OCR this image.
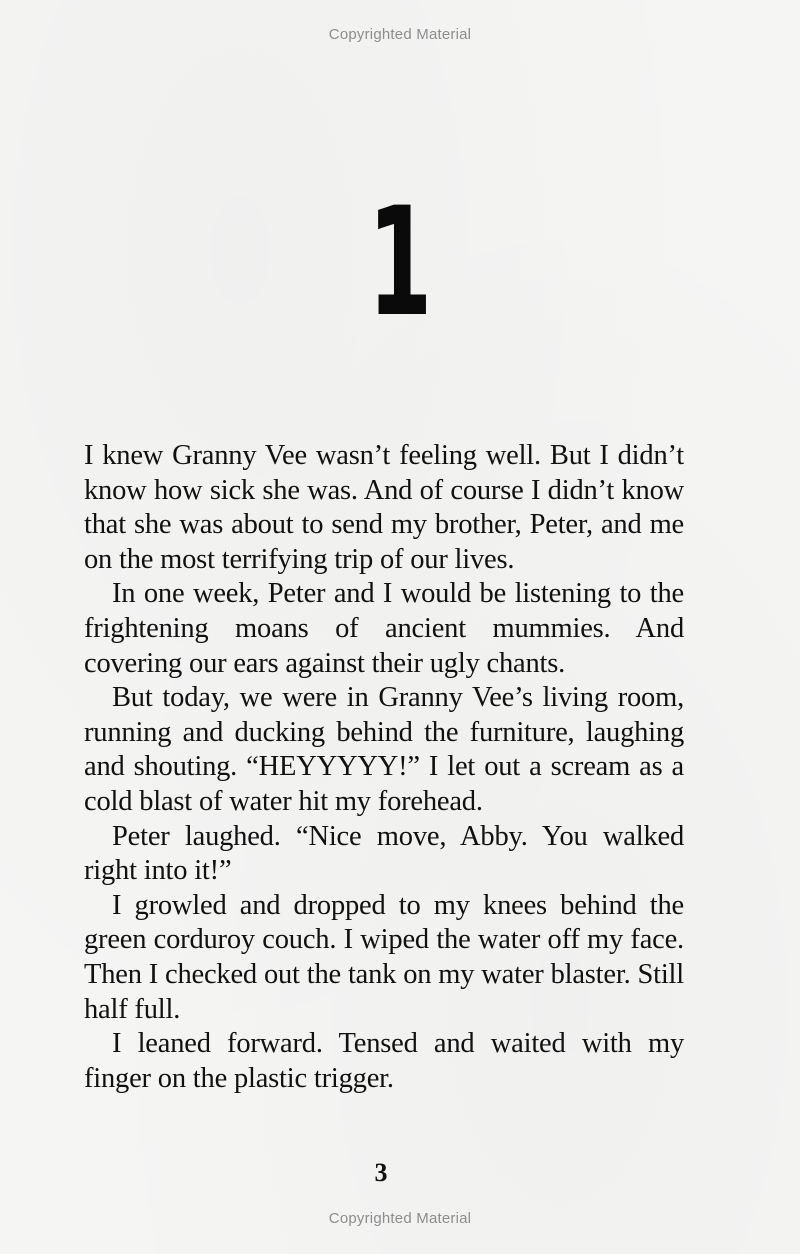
Copyrighted Material
1

I knew Granny Vee wasn’t feeling well. But I didn’t know how sick she was. And of course I didn’t know that she was about to send my brother, Peter, and me on the most terrifying trip of our lives.

In one week, Peter and I would be listening to the frightening moans of ancient mummies. And covering our ears against their ugly chants.

But today, we were in Granny Vee’s living room, running and ducking behind the furniture, laughing and shouting. “HEYYYYY!” I let out a scream as a cold blast of water hit my forehead.

Peter laughed. “Nice move, Abby. You walked right into it!”

I growled and dropped to my knees behind the green corduroy couch. I wiped the water off my face. Then I checked out the tank on my water blaster. Still half full.

I leaned forward. Tensed and waited with my finger on the plastic trigger.

3
Copyrighted Material
